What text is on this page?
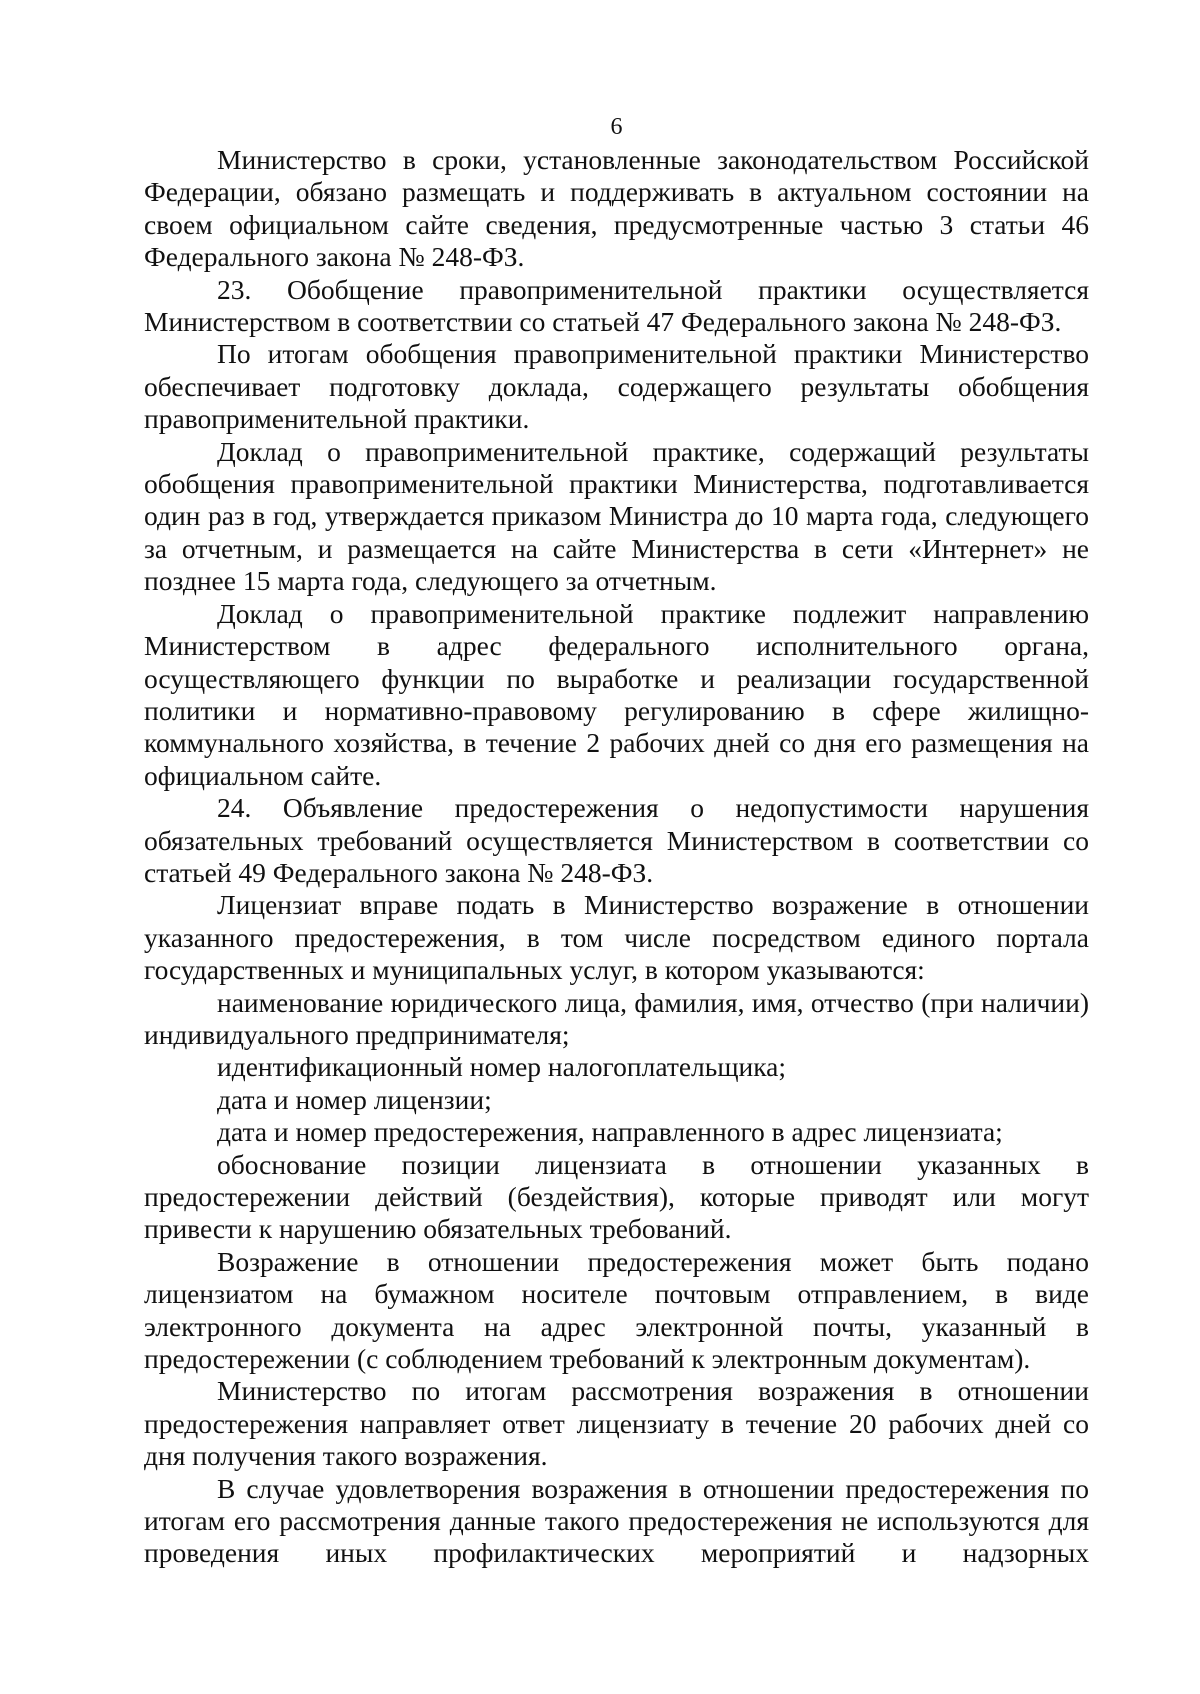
6

Министерство в сроки, установленные законодательством Российской Федерации, обязано размещать и поддерживать в актуальном состоянии на своем официальном сайте сведения, предусмотренные частью 3 статьи 46 Федерального закона № 248-ФЗ.

23. Обобщение правоприменительной практики осуществляется Министерством в соответствии со статьей 47 Федерального закона № 248-ФЗ.

По итогам обобщения правоприменительной практики Министерство обеспечивает подготовку доклада, содержащего результаты обобщения правоприменительной практики.

Доклад о правоприменительной практике, содержащий результаты обобщения правоприменительной практики Министерства, подготавливается один раз в год, утверждается приказом Министра до 10 марта года, следующего за отчетным, и размещается на сайте Министерства в сети «Интернет» не позднее 15 марта года, следующего за отчетным.

Доклад о правоприменительной практике подлежит направлению Министерством в адрес федерального исполнительного органа, осуществляющего функции по выработке и реализации государственной политики и нормативно-правовому регулированию в сфере жилищно-коммунального хозяйства, в течение 2 рабочих дней со дня его размещения на официальном сайте.

24. Объявление предостережения о недопустимости нарушения обязательных требований осуществляется Министерством в соответствии со статьей 49 Федерального закона № 248-ФЗ.

Лицензиат вправе подать в Министерство возражение в отношении указанного предостережения, в том числе посредством единого портала государственных и муниципальных услуг, в котором указываются:

наименование юридического лица, фамилия, имя, отчество (при наличии) индивидуального предпринимателя;

идентификационный номер налогоплательщика;

дата и номер лицензии;

дата и номер предостережения, направленного в адрес лицензиата;

обоснование позиции лицензиата в отношении указанных в предостережении действий (бездействия), которые приводят или могут привести к нарушению обязательных требований.

Возражение в отношении предостережения может быть подано лицензиатом на бумажном носителе почтовым отправлением, в виде электронного документа на адрес электронной почты, указанный в предостережении (с соблюдением требований к электронным документам).

Министерство по итогам рассмотрения возражения в отношении предостережения направляет ответ лицензиату в течение 20 рабочих дней со дня получения такого возражения.

В случае удовлетворения возражения в отношении предостережения по итогам его рассмотрения данные такого предостережения не используются для проведения иных профилактических мероприятий и надзорных
